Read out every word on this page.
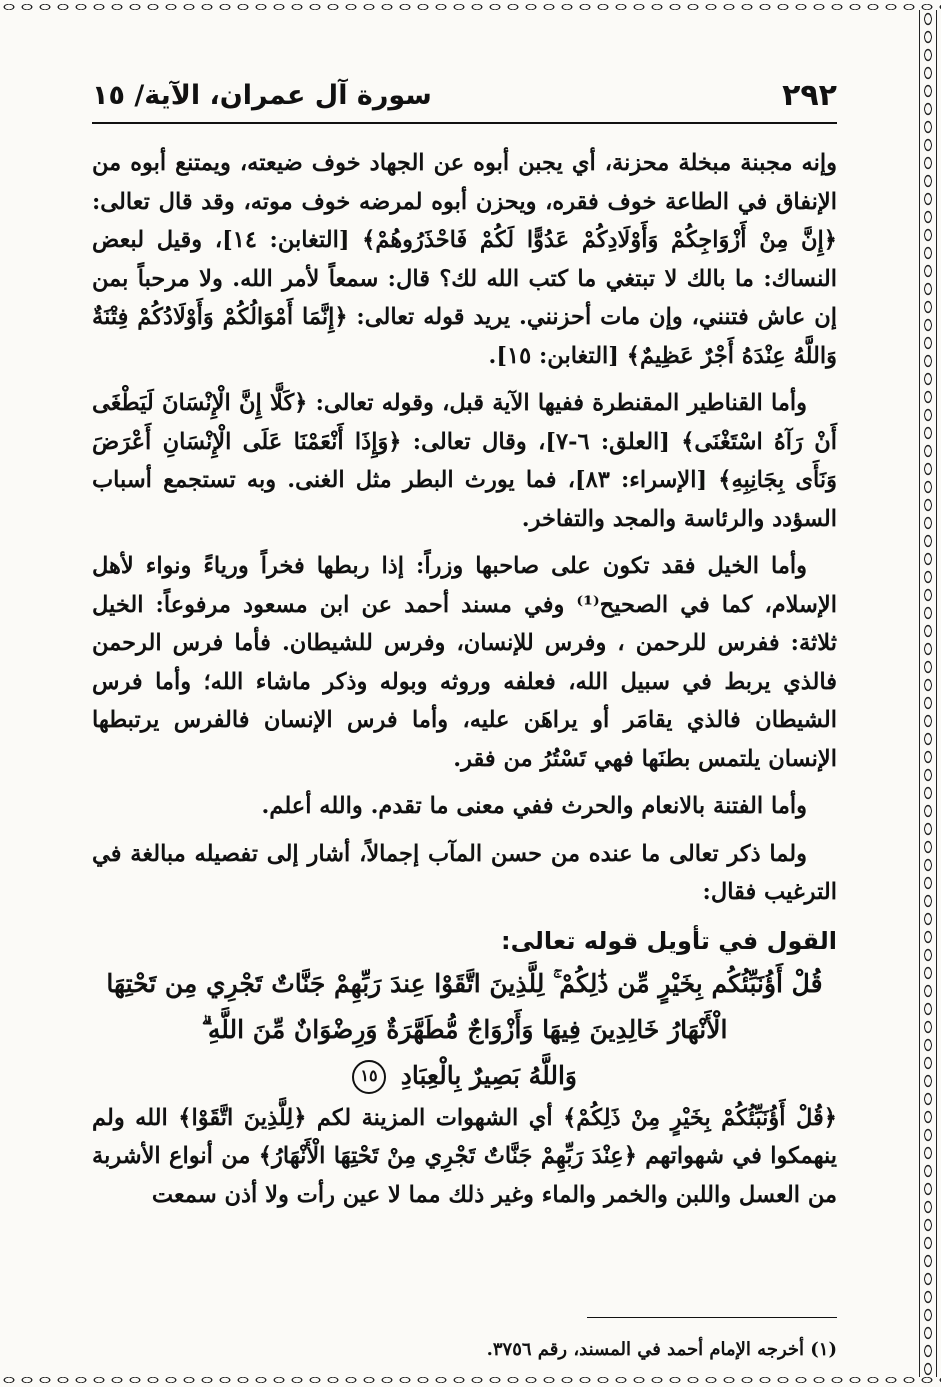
٢٩٢
سورة آل عمران، الآية/ ١٥

وإنه مجبنة مبخلة محزنة، أي يجبن أبوه عن الجهاد خوف ضيعته، ويمتنع أبوه من الإنفاق في الطاعة خوف فقره، ويحزن أبوه لمرضه خوف موته، وقد قال تعالى: ﴿إِنَّ مِنْ أَزْوَاجِكُمْ وَأَوْلَادِكُمْ عَدُوًّا لَكُمْ فَاحْذَرُوهُمْ﴾ [التغابن: ١٤]، وقيل لبعض النساك: ما بالك لا تبتغي ما كتب الله لك؟ قال: سمعاً لأمر الله. ولا مرحباً بمن إن عاش فتنني، وإن مات أحزنني. يريد قوله تعالى: ﴿إِنَّمَا أَمْوَالُكُمْ وَأَوْلَادُكُمْ فِتْنَةٌ وَاللَّهُ عِنْدَهُ أَجْرٌ عَظِيمٌ﴾ [التغابن: ١٥].

وأما القناطير المقنطرة ففيها الآية قبل، وقوله تعالى: ﴿كَلَّا إِنَّ الْإِنْسَانَ لَيَطْغَى أَنْ رَآهُ اسْتَغْنَى﴾ [العلق: ٦-٧]، وقال تعالى: ﴿وَإِذَا أَنْعَمْنَا عَلَى الْإِنْسَانِ أَعْرَضَ وَنَأَى بِجَانِبِهِ﴾ [الإسراء: ٨٣]، فما يورث البطر مثل الغنى. وبه تستجمع أسباب السؤدد والرئاسة والمجد والتفاخر.

وأما الخيل فقد تكون على صاحبها وزراً: إذا ربطها فخراً ورياءً ونواء لأهل الإسلام، كما في الصحيح⁽¹⁾ وفي مسند أحمد عن ابن مسعود مرفوعاً: الخيل ثلاثة: ففرس للرحمن ، وفرس للإنسان، وفرس للشيطان. فأما فرس الرحمن فالذي يربط في سبيل الله، فعلفه وروثه وبوله وذكر ماشاء الله؛ وأما فرس الشيطان فالذي يقامَر أو يراهَن عليه، وأما فرس الإنسان فالفرس يرتبطها الإنسان يلتمس بطنَها فهي تَسْتُرُ من فقر.

وأما الفتنة بالانعام والحرث ففي معنى ما تقدم. والله أعلم.

ولما ذكر تعالى ما عنده من حسن المآب إجمالاً، أشار إلى تفصيله مبالغة في الترغيب فقال:

القول في تأويل قوله تعالى:

قُلْ أَؤُنَبِّئُكُم بِخَيْرٍ مِّن ذَٰلِكُمْ ۚ لِلَّذِينَ اتَّقَوْا عِندَ رَبِّهِمْ جَنَّاتٌ تَجْرِي مِن تَحْتِهَا

الْأَنْهَارُ خَالِدِينَ فِيهَا وَأَزْوَاجٌ مُّطَهَّرَةٌ وَرِضْوَانٌ مِّنَ اللَّهِ ۗ

وَاللَّهُ بَصِيرٌ بِالْعِبَادِ ١٥

﴿قُلْ أَؤُنَبِّئُكُمْ بِخَيْرٍ مِنْ ذَلِكُمْ﴾ أي الشهوات المزينة لكم ﴿لِلَّذِينَ اتَّقَوْا﴾ الله ولم ينهمكوا في شهواتهم ﴿عِنْدَ رَبِّهِمْ جَنَّاتٌ تَجْرِي مِنْ تَحْتِهَا الْأَنْهَارُ﴾ من أنواع الأشربة من العسل واللبن والخمر والماء وغير ذلك مما لا عين رأت ولا أذن سمعت

(١) أخرجه الإمام أحمد في المسند، رقم ٣٧٥٦.
